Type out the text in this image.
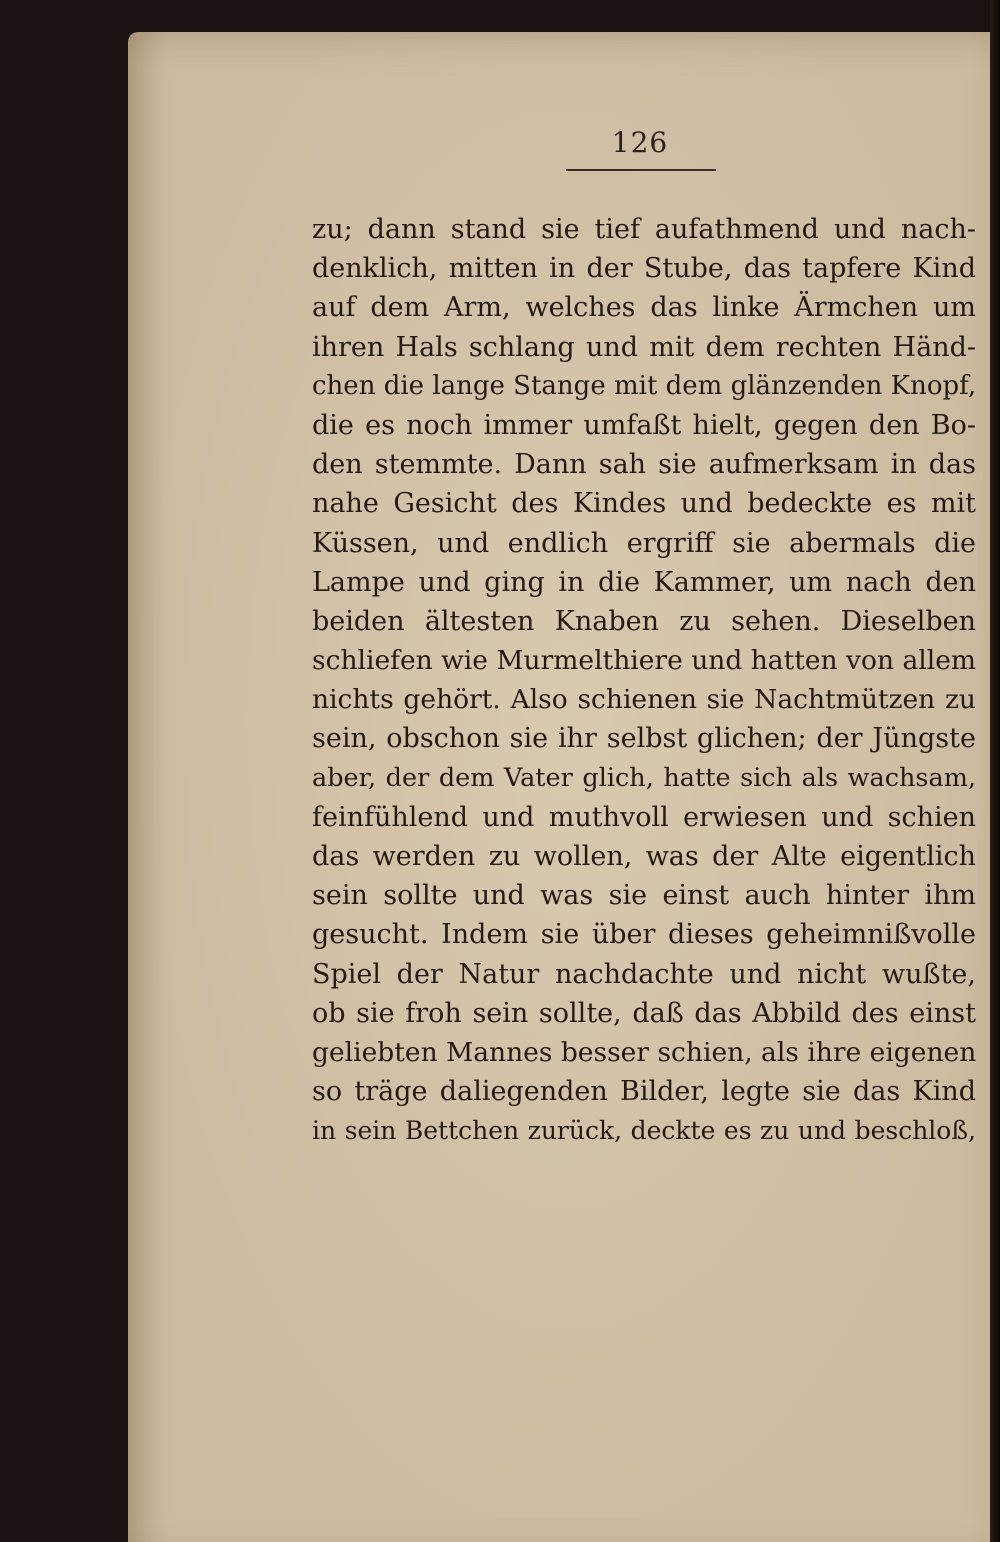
126
zu; dann stand sie tief aufathmend und nach-
denklich, mitten in der Stube, das tapfere Kind
auf dem Arm, welches das linke Ärmchen um
ihren Hals schlang und mit dem rechten Händ-
chen die lange Stange mit dem glänzenden Knopf,
die es noch immer umfaßt hielt, gegen den Bo-
den stemmte. Dann sah sie aufmerksam in das
nahe Gesicht des Kindes und bedeckte es mit
Küssen, und endlich ergriff sie abermals die
Lampe und ging in die Kammer, um nach den
beiden ältesten Knaben zu sehen. Dieselben
schliefen wie Murmelthiere und hatten von allem
nichts gehört. Also schienen sie Nachtmützen zu
sein, obschon sie ihr selbst glichen; der Jüngste
aber, der dem Vater glich, hatte sich als wachsam,
feinfühlend und muthvoll erwiesen und schien
das werden zu wollen, was der Alte eigentlich
sein sollte und was sie einst auch hinter ihm
gesucht. Indem sie über dieses geheimnißvolle
Spiel der Natur nachdachte und nicht wußte,
ob sie froh sein sollte, daß das Abbild des einst
geliebten Mannes besser schien, als ihre eigenen
so träge daliegenden Bilder, legte sie das Kind
in sein Bettchen zurück, deckte es zu und beschloß,
